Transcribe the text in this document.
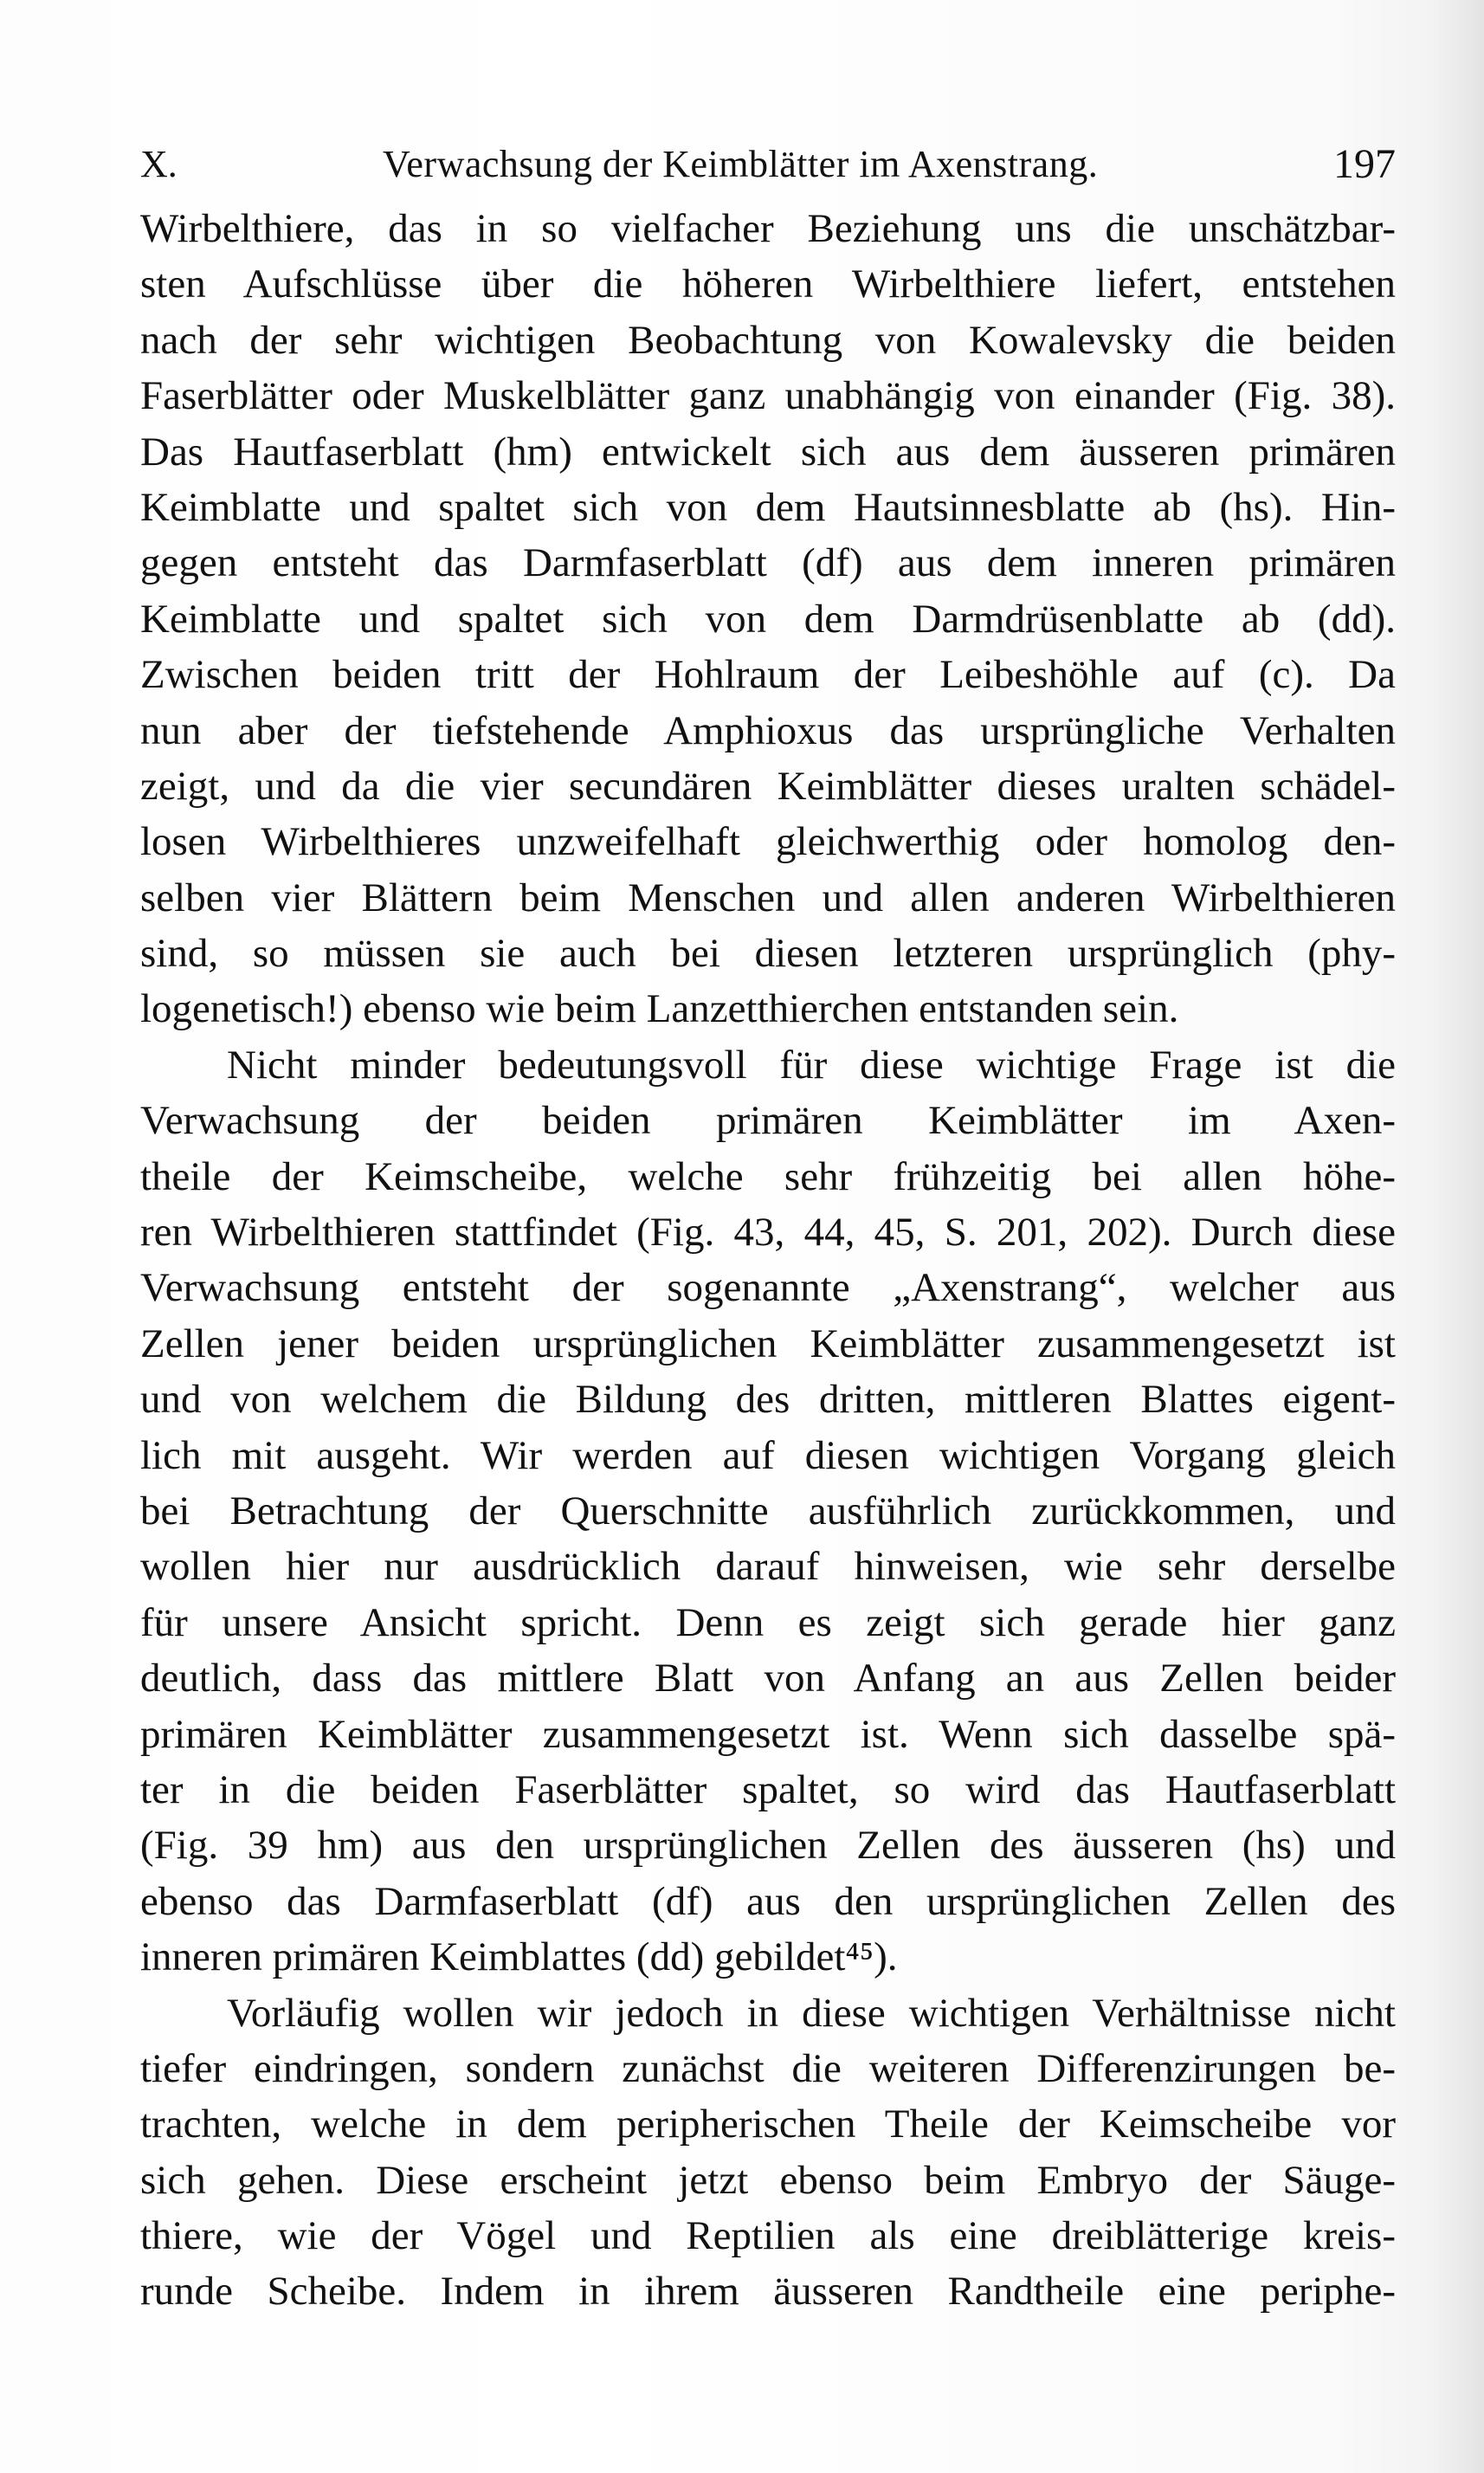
X.	Verwachsung der Keimblätter im Axenstrang.	197
Wirbelthiere, das in so vielfacher Beziehung uns die unschätzbar-
sten Aufschlüsse über die höheren Wirbelthiere liefert, entstehen
nach der sehr wichtigen Beobachtung von Kowalevsky die beiden
Faserblätter oder Muskelblätter ganz unabhängig von einander (Fig. 38).
Das Hautfaserblatt (hm) entwickelt sich aus dem äusseren primären
Keimblatte und spaltet sich von dem Hautsinnesblatte ab (hs). Hin-
gegen entsteht das Darmfaserblatt (df) aus dem inneren primären
Keimblatte und spaltet sich von dem Darmdrüsenblatte ab (dd).
Zwischen beiden tritt der Hohlraum der Leibeshöhle auf (c). Da
nun aber der tiefstehende Amphioxus das ursprüngliche Verhalten
zeigt, und da die vier secundären Keimblätter dieses uralten schädel-
losen Wirbelthieres unzweifelhaft gleichwerthig oder homolog den-
selben vier Blättern beim Menschen und allen anderen Wirbelthieren
sind, so müssen sie auch bei diesen letzteren ursprünglich (phy-
logenetisch!) ebenso wie beim Lanzetthierchen entstanden sein.
Nicht minder bedeutungsvoll für diese wichtige Frage ist die
Verwachsung der beiden primären Keimblätter im Axen-
theile der Keimscheibe, welche sehr frühzeitig bei allen höhe-
ren Wirbelthieren stattfindet (Fig. 43, 44, 45, S. 201, 202). Durch diese
Verwachsung entsteht der sogenannte „Axenstrang“, welcher aus
Zellen jener beiden ursprünglichen Keimblätter zusammengesetzt ist
und von welchem die Bildung des dritten, mittleren Blattes eigent-
lich mit ausgeht. Wir werden auf diesen wichtigen Vorgang gleich
bei Betrachtung der Querschnitte ausführlich zurückkommen, und
wollen hier nur ausdrücklich darauf hinweisen, wie sehr derselbe
für unsere Ansicht spricht. Denn es zeigt sich gerade hier ganz
deutlich, dass das mittlere Blatt von Anfang an aus Zellen beider
primären Keimblätter zusammengesetzt ist. Wenn sich dasselbe spä-
ter in die beiden Faserblätter spaltet, so wird das Hautfaserblatt
(Fig. 39 hm) aus den ursprünglichen Zellen des äusseren (hs) und
ebenso das Darmfaserblatt (df) aus den ursprünglichen Zellen des
inneren primären Keimblattes (dd) gebildet⁴⁵).
Vorläufig wollen wir jedoch in diese wichtigen Verhältnisse nicht
tiefer eindringen, sondern zunächst die weiteren Differenzirungen be-
trachten, welche in dem peripherischen Theile der Keimscheibe vor
sich gehen. Diese erscheint jetzt ebenso beim Embryo der Säuge-
thiere, wie der Vögel und Reptilien als eine dreiblätterige kreis-
runde Scheibe. Indem in ihrem äusseren Randtheile eine periphe-
